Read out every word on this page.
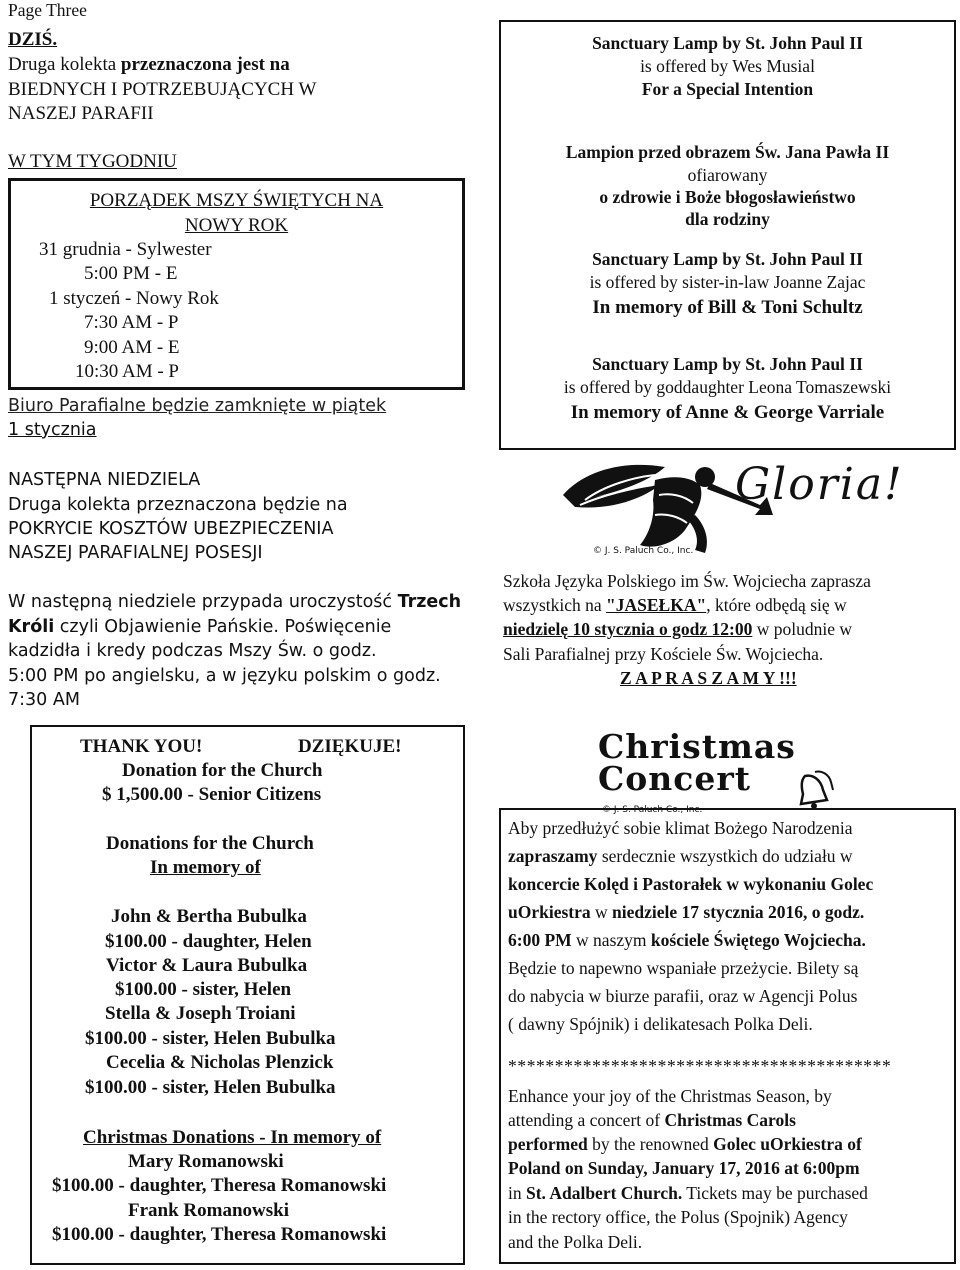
Page Three
DZIŚ.
Druga kolekta przeznaczona jest na
BIEDNYCH I POTRZEBUJĄCYCH W
NASZEJ PARAFII
W TYM TYGODNIU
PORZĄDEK MSZY ŚWIĘTYCH NA
NOWY ROK
31 grudnia - Sylwester
5:00 PM - E
1 styczeń - Nowy Rok
7:30 AM - P
9:00 AM - E
10:30 AM - P
Biuro Parafialne będzie zamknięte w piątek
1 stycznia
NASTĘPNA NIEDZIELA
Druga kolekta przeznaczona będzie na
POKRYCIE KOSZTÓW UBEZPIECZENIA
NASZEJ PARAFIALNEJ POSESJI
W następną niedziele przypada uroczystość Trzech
Króli czyli Objawienie Pańskie. Poświęcenie
kadzidła i kredy podczas Mszy Św. o godz.
5:00 PM po angielsku, a w języku polskim o godz.
7:30 AM
THANK YOU!	DZIĘKUJE!
Donation for the Church
$ 1,500.00 - Senior Citizens
Donations for the Church
In memory of
John & Bertha Bubulka
$100.00 - daughter, Helen
Victor & Laura Bubulka
$100.00 - sister, Helen
Stella & Joseph Troiani
$100.00 - sister, Helen Bubulka
Cecelia & Nicholas Plenzick
$100.00 - sister, Helen Bubulka
Christmas Donations - In memory of
Mary Romanowski
$100.00 - daughter, Theresa Romanowski
Frank Romanowski
$100.00 - daughter, Theresa Romanowski
Sanctuary Lamp by St. John Paul II
is offered by Wes Musial
For a Special Intention
Lampion przed obrazem Św. Jana Pawła II
ofiarowany
o zdrowie i Boże błogosławieństwo
dla rodziny
Sanctuary Lamp by St. John Paul II
is offered by sister-in-law Joanne Zajac
In memory of Bill & Toni Schultz
Sanctuary Lamp by St. John Paul II
is offered by goddaughter Leona Tomaszewski
In memory of Anne & George Varriale
Gloria!
© J. S. Paluch Co., Inc.
Szkoła Języka Polskiego im Św. Wojciecha zaprasza
wszystkich na "JASEŁKA", które odbędą się w
niedzielę 10 stycznia o godz 12:00 w poludnie w
Sali Parafialnej przy Kościele Św. Wojciecha.
Z A P R A S Z A M Y !!!
Christmas
Concert
© J. S. Paluch Co., Inc.
Aby przedłużyć sobie klimat Bożego Narodzenia
zapraszamy serdecznie wszystkich do udziału w
koncercie Kolęd i Pastorałek w wykonaniu Golec
uOrkiestra w niedziele 17 stycznia 2016, o godz.
6:00 PM w naszym kościele Świętego Wojciecha.
Będzie to napewno wspaniałe przeżycie. Bilety są
do nabycia w biurze parafii, oraz w Agencji Polus
( dawny Spójnik) i delikatesach Polka Deli.
*****************************************
Enhance your joy of the Christmas Season, by
attending a concert of Christmas Carols
performed by the renowned Golec uOrkiestra of
Poland on Sunday, January 17, 2016 at 6:00pm
in St. Adalbert Church. Tickets may be purchased
in the rectory office, the Polus (Spojnik) Agency
and the Polka Deli.
